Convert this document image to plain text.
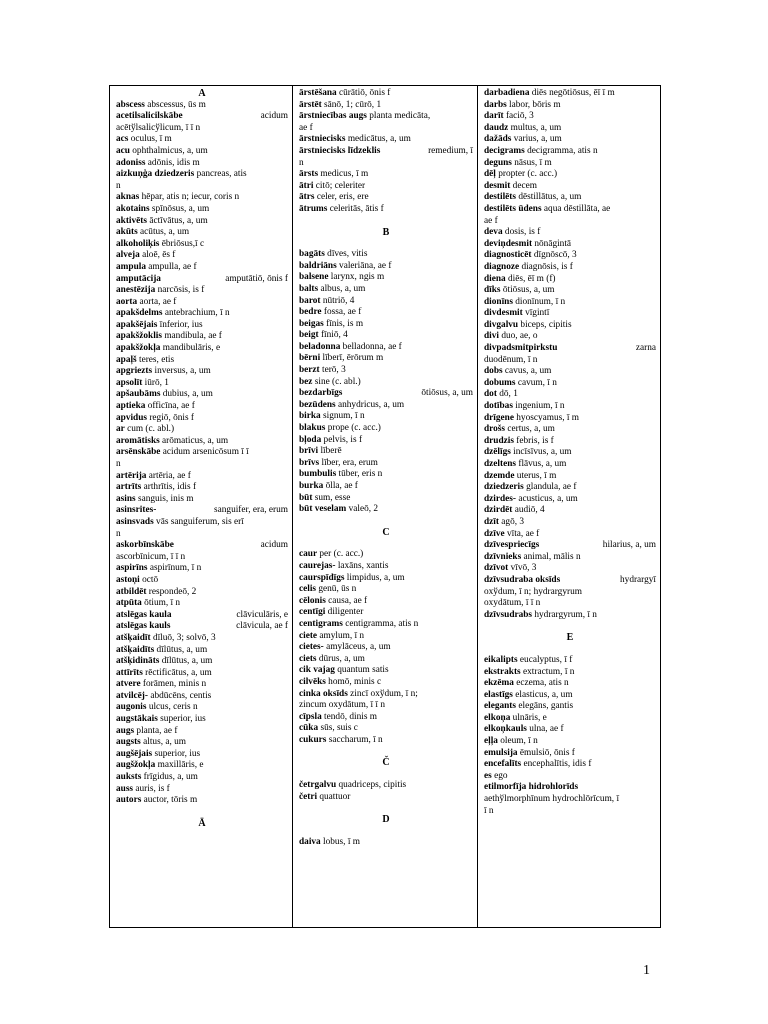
A
abscess abscessus, ūs m
acetilsalicilskābe	acidum
acētўlsalicўlicum, ī ī n
acs oculus, ī m
acu ophthalmicus, a, um
adoniss adōnis, idis m
aizkuņģa dziedzeris pancreas, atis
n
aknas hēpar, atis n; iecur, coris n
akotains spīnōsus, a, um
aktivēts āctīvātus, a, um
akūts acūtus, a, um
alkoholiķis ēbriōsus,ī c
alveja aloē, ēs f
ampula ampulla, ae f
amputācija	amputātiō, ōnis f
anestēzija narcōsis, is f
aorta aorta, ae f
apakšdelms antebrachium, ī n
apakšējais īnferior, ius
apakšžoklis mandibula, ae f
apakšžokļa mandibulāris, e
apaļš teres, etis
apgriezts inversus, a, um
apsolīt iūrō, 1
apšaubāms dubius, a, um
aptieka officīna, ae f
apvidus regiō, ōnis f
ar cum (c. abl.)
aromātisks arōmaticus, a, um
arsēnskābe acidum arsenicōsum ī ī
n
artērija artēria, ae f
artrīts arthrītis, idis f
asins sanguis, inis m
asinsrites-	sanguifer, era, erum
asinsvads vās sanguiferum, sis erī
n
askorbīnskābe	acidum
ascorbīnicum, ī ī n
aspirīns aspirīnum, ī n
astoņi octō
atbildēt respondeō, 2
atpūta ōtium, ī n
atslēgas kaula	clāviculāris, e
atslēgas kauls	clāvicula, ae f
atšķaidīt dīluō, 3; solvō, 3
atšķaidīts dīlūtus, a, um
atšķidināts dīlūtus, a, um
attīrīts rēctificātus, a, um
atvere forāmen, minis n
atvilcēj- abdūcēns, centis
augonis ulcus, ceris n
augstākais superior, ius
augs planta, ae f
augsts altus, a, um
augšējais superior, ius
augšžokļa maxillāris, e
auksts frīgidus, a, um
auss auris, is f
autors auctor, tōris m
Ā
ārstēšana cūrātiō, ōnis f
ārstēt sānō, 1; cūrō, 1
ārstniecības augs planta medicāta,
ae f
ārstniecisks medicātus, a, um
ārstniecisks līdzeklis	remedium, ī
n
ārsts medicus, ī m
ātri citō; celeriter
ātrs celer, eris, ere
ātrums celeritās, ātis f
B
bagāts dīves, vitis
baldriāns valeriāna, ae f
balsene larynx, ngis m
balts albus, a, um
barot nūtriō, 4
bedre fossa, ae f
beigas fīnis, is m
beigt fīniō, 4
beladonna belladonna, ae f
bērni līberī, ērōrum m
berzt terō, 3
bez sine (c. abl.)
bezdarbīgs	ōtiōsus, a, um
bezūdens anhydricus, a, um
birka signum, ī n
blakus prope (c. acc.)
bļoda pelvis, is f
brīvi līberē
brīvs līber, era, erum
bumbulis tūber, eris n
burka ōlla, ae f
būt sum, esse
būt veselam valeō, 2
C
caur per (c. acc.)
caurejas- laxāns, xantis
caurspīdīgs limpidus, a, um
celis genū, ūs n
cēlonis causa, ae f
centīgi diligenter
centigrams centigramma, atis n
ciete amylum, ī n
cietes- amylāceus, a, um
ciets dūrus, a, um
cik vajag quantum satis
cilvēks homō, minis c
cinka oksīds zincī oxўdum, ī n;
zincum oxydātum, ī ī n
cīpsla tendō, dinis m
cūka sūs, suis c
cukurs saccharum, ī n
Č
četrgalvu quadriceps, cipitis
četri quattuor
D
daiva lobus, ī m
darbadiena diēs negōtiōsus, ēī ī m
darbs labor, bōris m
darīt faciō, 3
daudz multus, a, um
dažāds varius, a, um
decigrams decigramma, atis n
deguns nāsus, ī m
dēļ propter (c. acc.)
desmit decem
destilēts dēstillātus, a, um
destilēts ūdens aqua dēstillāta, ae
ae f
deva dosis, is f
deviņdesmit nōnāgintā
diagnosticēt dīgnōscō, 3
diagnoze diagnōsis, is f
diena diēs, ēī m (f)
dīks ōtiōsus, a, um
dionīns dionīnum, ī n
divdesmit vīgintī
divgalvu biceps, cipitis
divi duo, ae, o
divpadsmitpirkstu	zarna
duodēnum, ī n
dobs cavus, a, um
dobums cavum, ī n
dot dō, 1
dotības ingenium, ī n
drīgene hyoscyamus, ī m
drošs certus, a, um
drudzis febris, is f
dzēlīgs incīsīvus, a, um
dzeltens flāvus, a, um
dzemde uterus, ī m
dziedzeris glandula, ae f
dzirdes- acusticus, a, um
dzirdēt audiō, 4
dzīt agō, 3
dzīve vīta, ae f
dzīvespriecīgs	hilarius, a, um
dzīvnieks animal, mālis n
dzīvot vīvō, 3
dzīvsudraba oksīds	hydrargyī
oxўdum, ī n; hydrargyrum
oxydātum, ī ī n
dzīvsudrabs hydrargyrum, ī n
E
eikalipts eucalyptus, ī f
ekstrakts extractum, ī n
ekzēma eczema, atis n
elastīgs elasticus, a, um
elegants elegāns, gantis
elkoņa ulnāris, e
elkoņkauls ulna, ae f
eļļa oleum, ī n
emulsija ēmulsiō, ōnis f
encefalīts encephalītis, idis f
es ego
etilmorfīja hidrohlorīds
aethўlmorphīnum hydrochlōrīcum, ī
ī n
1
